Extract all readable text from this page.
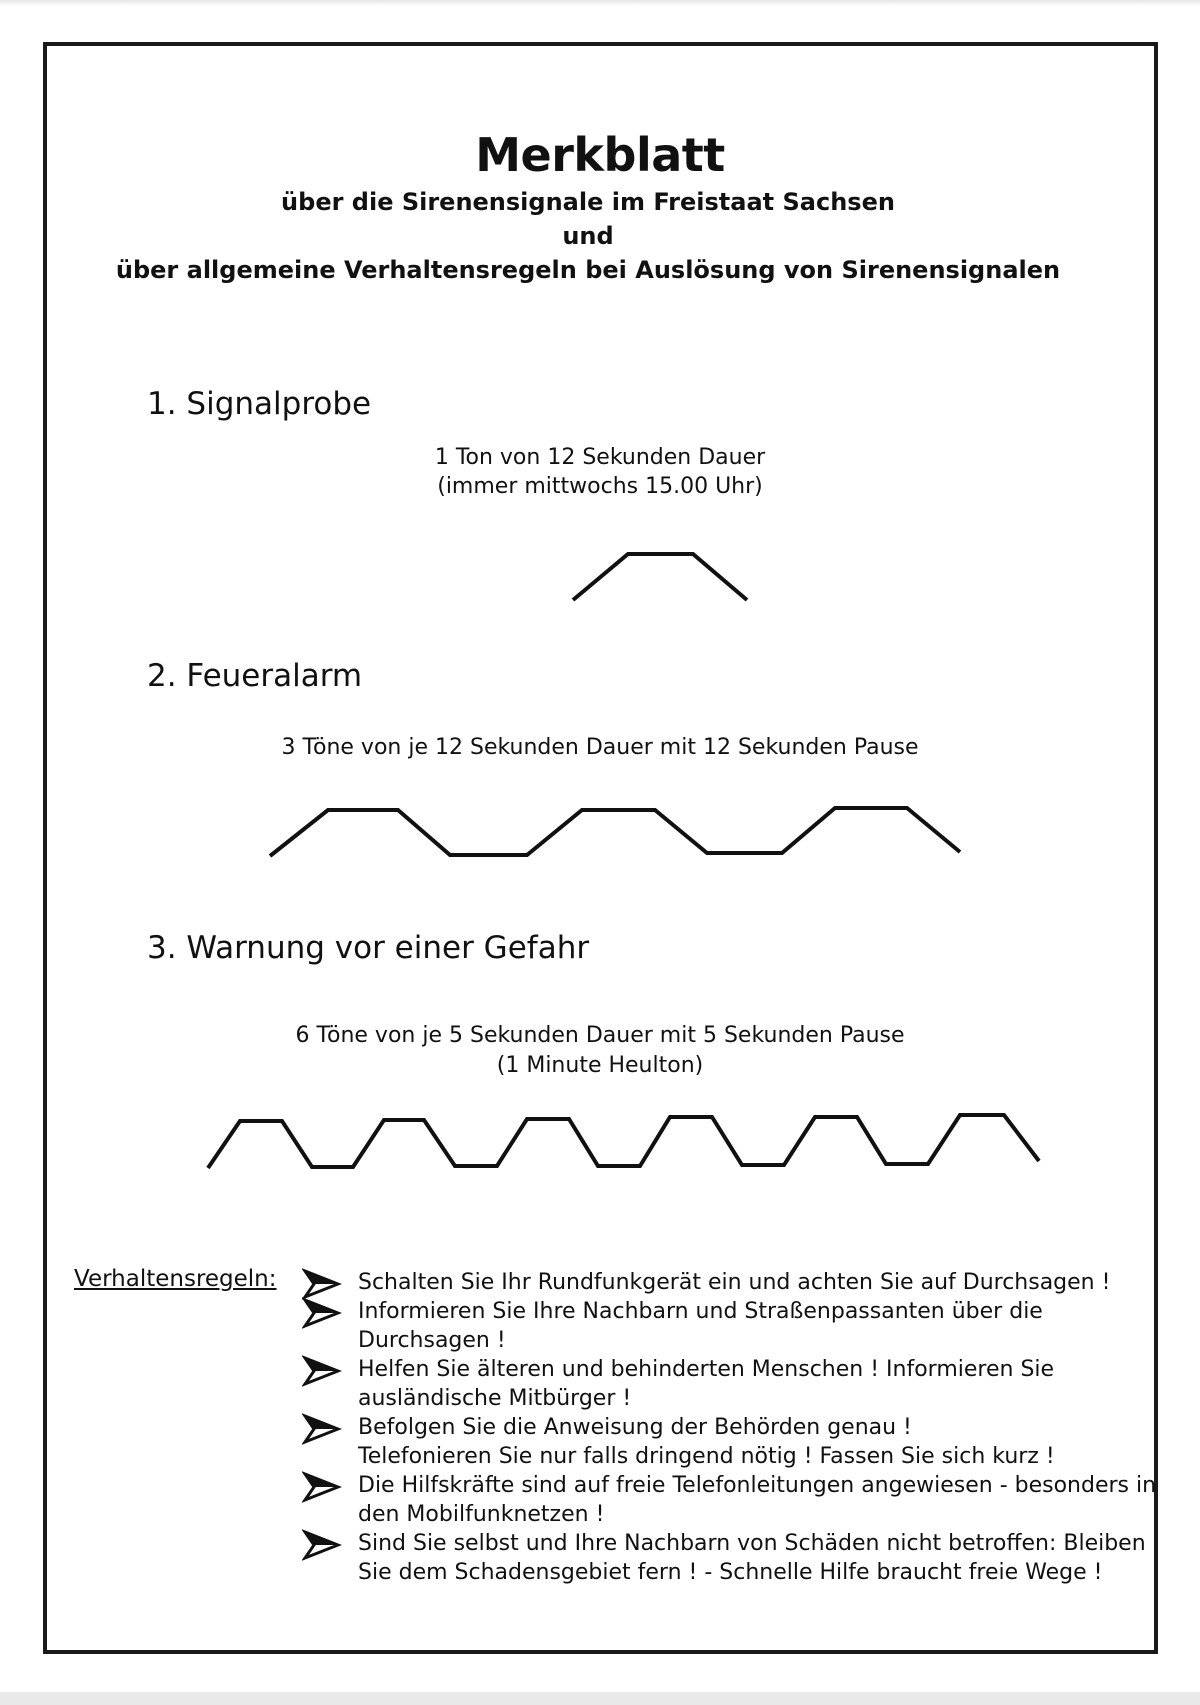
Merkblatt
über die Sirenensignale im Freistaat Sachsen
und
über allgemeine Verhaltensregeln bei Auslösung von Sirenensignalen
1. Signalprobe
1 Ton von 12 Sekunden Dauer
(immer mittwochs 15.00 Uhr)
2. Feueralarm
3 Töne von je 12 Sekunden Dauer mit 12 Sekunden Pause
3. Warnung vor einer Gefahr
6 Töne von je 5 Sekunden Dauer mit 5 Sekunden Pause
(1 Minute Heulton)
Verhaltensregeln:	Schalten Sie Ihr Rundfunkgerät ein und achten Sie auf Durchsagen !
Informieren Sie Ihre Nachbarn und Straßenpassanten über die Durchsagen !
Helfen Sie älteren und behinderten Menschen ! Informieren Sie ausländische Mitbürger !
Befolgen Sie die Anweisung der Behörden genau !
Telefonieren Sie nur falls dringend nötig ! Fassen Sie sich kurz !
Die Hilfskräfte sind auf freie Telefonleitungen angewiesen - besonders in den Mobilfunknetzen !
Sind Sie selbst und Ihre Nachbarn von Schäden nicht betroffen: Bleiben Sie dem Schadensgebiet fern ! - Schnelle Hilfe braucht freie Wege !
